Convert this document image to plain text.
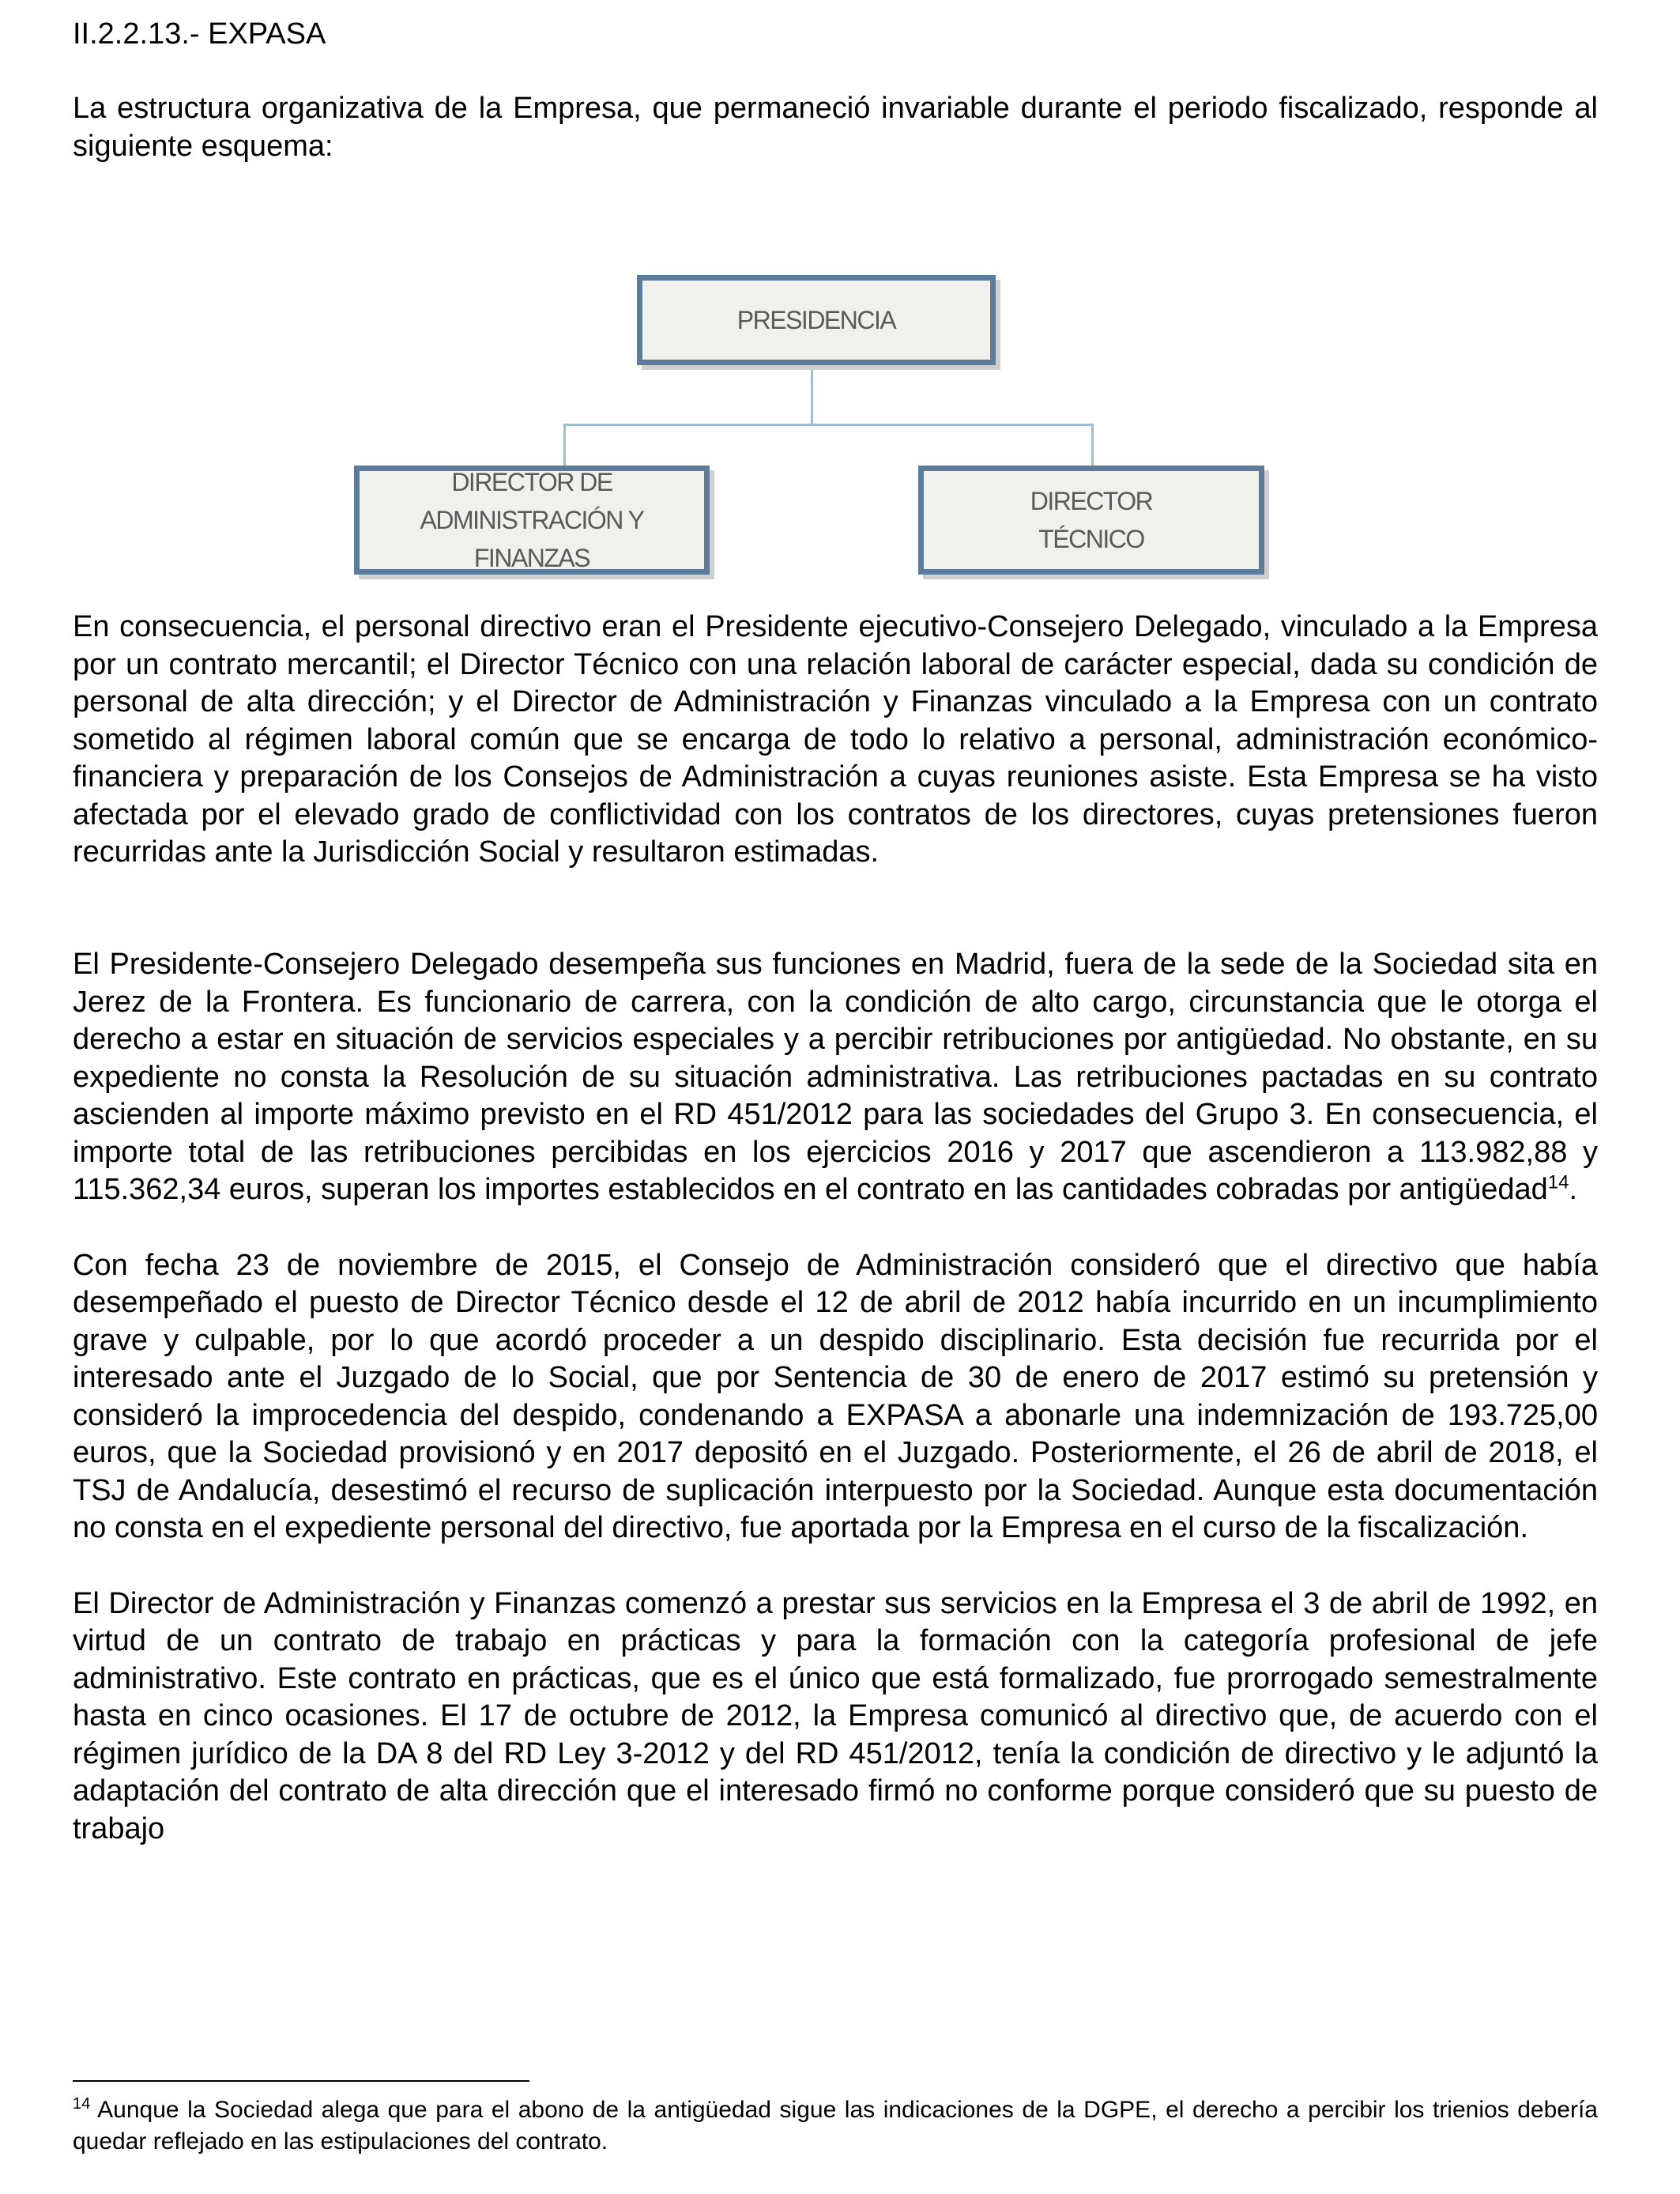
II.2.2.13.- EXPASA

La estructura organizativa de la Empresa, que permaneció invariable durante el periodo fiscalizado, responde al siguiente esquema:

PRESIDENCIA
DIRECTOR DE
ADMINISTRACIÓN Y FINANZAS
DIRECTOR
TÉCNICO

En consecuencia, el personal directivo eran el Presidente ejecutivo-Consejero Delegado, vinculado a la Empresa por un contrato mercantil; el Director Técnico con una relación laboral de carácter especial, dada su condición de personal de alta dirección; y el Director de Administración y Finanzas vinculado a la Empresa con un contrato sometido al régimen laboral común que se encarga de todo lo relativo a personal, administración económico-financiera y preparación de los Consejos de Administración a cuyas reuniones asiste. Esta Empresa se ha visto afectada por el elevado grado de conflictividad con los contratos de los directores, cuyas pretensiones fueron recurridas ante la Jurisdicción Social y resultaron estimadas.

El Presidente-Consejero Delegado desempeña sus funciones en Madrid, fuera de la sede de la Sociedad sita en Jerez de la Frontera. Es funcionario de carrera, con la condición de alto cargo, circunstancia que le otorga el derecho a estar en situación de servicios especiales y a percibir retribuciones por antigüedad. No obstante, en su expediente no consta la Resolución de su situación administrativa. Las retribuciones pactadas en su contrato ascienden al importe máximo previsto en el RD 451/2012 para las sociedades del Grupo 3. En consecuencia, el importe total de las retribuciones percibidas en los ejercicios 2016 y 2017 que ascendieron a 113.982,88 y 115.362,34 euros, superan los importes establecidos en el contrato en las cantidades cobradas por antigüedad$^{14}$.

Con fecha 23 de noviembre de 2015, el Consejo de Administración consideró que el directivo que había desempeñado el puesto de Director Técnico desde el 12 de abril de 2012 había incurrido en un incumplimiento grave y culpable, por lo que acordó proceder a un despido disciplinario. Esta decisión fue recurrida por el interesado ante el Juzgado de lo Social, que por Sentencia de 30 de enero de 2017 estimó su pretensión y consideró la improcedencia del despido, condenando a EXPASA a abonarle una indemnización de 193.725,00 euros, que la Sociedad provisionó y en 2017 depositó en el Juzgado. Posteriormente, el 26 de abril de 2018, el TSJ de Andalucía, desestimó el recurso de suplicación interpuesto por la Sociedad. Aunque esta documentación no consta en el expediente personal del directivo, fue aportada por la Empresa en el curso de la fiscalización.

El Director de Administración y Finanzas comenzó a prestar sus servicios en la Empresa el 3 de abril de 1992, en virtud de un contrato de trabajo en prácticas y para la formación con la categoría profesional de jefe administrativo. Este contrato en prácticas, que es el único que está formalizado, fue prorrogado semestralmente hasta en cinco ocasiones. El 17 de octubre de 2012, la Empresa comunicó al directivo que, de acuerdo con el régimen jurídico de la DA 8 del RD Ley 3-2012 y del RD 451/2012, tenía la condición de directivo y le adjuntó la adaptación del contrato de alta dirección que el interesado firmó no conforme porque consideró que su puesto de trabajo

$^{14}$ Aunque la Sociedad alega que para el abono de la antigüedad sigue las indicaciones de la DGPE, el derecho a percibir los trienios debería quedar reflejado en las estipulaciones del contrato.
